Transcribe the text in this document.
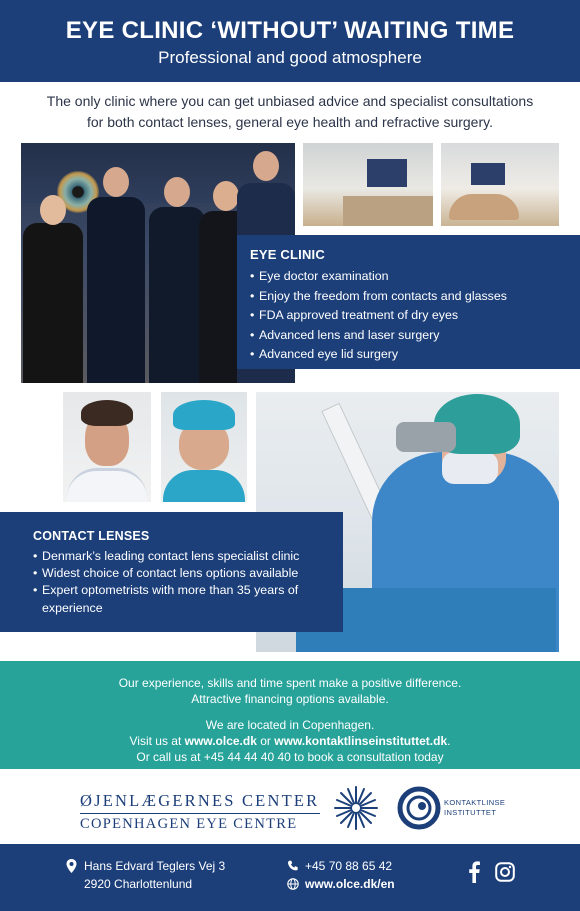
EYE CLINIC ‘WITHOUT’ WAITING TIME
Professional and good atmosphere
The only clinic where you can get unbiased advice and specialist consultations
for both contact lenses, general eye health and refractive surgery.
EYE CLINIC
• Eye doctor examination
• Enjoy the freedom from contacts and glasses
• FDA approved treatment of dry eyes
• Advanced lens and laser surgery
• Advanced eye lid surgery
CONTACT LENSES
• Denmark’s leading contact lens specialist clinic
• Widest choice of contact lens options available
• Expert optometrists with more than 35 years of
experience

Our experience, skills and time spent make a positive difference.

Attractive financing options available.

We are located in Copenhagen.

Visit us at www.olce.dk or www.kontaktlinseinstituttet.dk.

Or call us at +45 44 44 40 40 to book a consultation today

ØJENLÆGERNES CENTER
COPENHAGEN EYE CENTRE
KONTAKTLINSE
INSTITUTTET
Hans Edvard Teglers Vej 3
2920 Charlottenlund
+45 70 88 65 42
www.olce.dk/en
